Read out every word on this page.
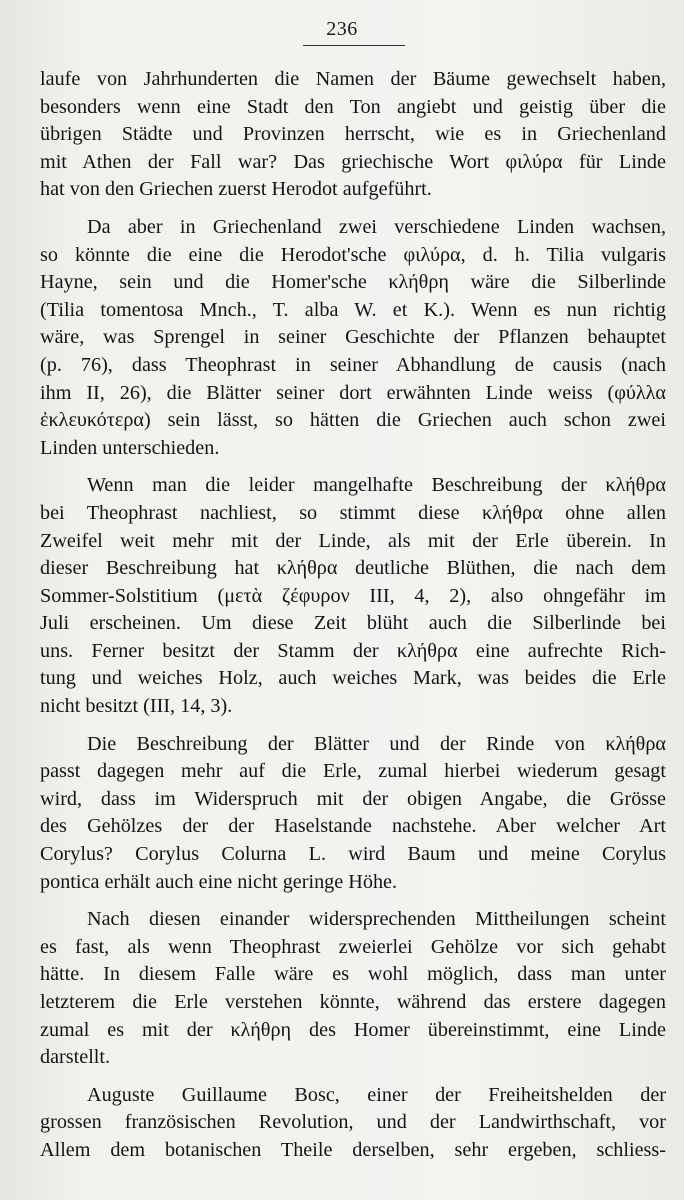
236
laufe von Jahrhunderten die Namen der Bäume gewechselt haben,
besonders wenn eine Stadt den Ton angiebt und geistig über die
übrigen Städte und Provinzen herrscht, wie es in Griechenland
mit Athen der Fall war? Das griechische Wort φιλύρα für Linde
hat von den Griechen zuerst Herodot aufgeführt.
Da aber in Griechenland zwei verschiedene Linden wachsen,
so könnte die eine die Herodot'sche φιλύρα, d. h. Tilia vulgaris
Hayne, sein und die Homer'sche κλήθρη wäre die Silberlinde
(Tilia tomentosa Mnch., T. alba W. et K.). Wenn es nun richtig
wäre, was Sprengel in seiner Geschichte der Pflanzen behauptet
(p. 76), dass Theophrast in seiner Abhandlung de causis (nach
ihm II, 26), die Blätter seiner dort erwähnten Linde weiss (φύλλα
ἐκλευκότερα) sein lässt, so hätten die Griechen auch schon zwei
Linden unterschieden.
Wenn man die leider mangelhafte Beschreibung der κλήθρα
bei Theophrast nachliest, so stimmt diese κλήθρα ohne allen
Zweifel weit mehr mit der Linde, als mit der Erle überein. In
dieser Beschreibung hat κλήθρα deutliche Blüthen, die nach dem
Sommer-Solstitium (μετὰ ζέφυρον III, 4, 2), also ohngefähr im
Juli erscheinen. Um diese Zeit blüht auch die Silberlinde bei
uns. Ferner besitzt der Stamm der κλήθρα eine aufrechte Rich-
tung und weiches Holz, auch weiches Mark, was beides die Erle
nicht besitzt (III, 14, 3).
Die Beschreibung der Blätter und der Rinde von κλήθρα
passt dagegen mehr auf die Erle, zumal hierbei wiederum gesagt
wird, dass im Widerspruch mit der obigen Angabe, die Grösse
des Gehölzes der der Haselstande nachstehe. Aber welcher Art
Corylus? Corylus Colurna L. wird Baum und meine Corylus
pontica erhält auch eine nicht geringe Höhe.
Nach diesen einander widersprechenden Mittheilungen scheint
es fast, als wenn Theophrast zweierlei Gehölze vor sich gehabt
hätte. In diesem Falle wäre es wohl möglich, dass man unter
letzterem die Erle verstehen könnte, während das erstere dagegen
zumal es mit der κλήθρη des Homer übereinstimmt, eine Linde
darstellt.
Auguste Guillaume Bosc, einer der Freiheitshelden der
grossen französischen Revolution, und der Landwirthschaft, vor
Allem dem botanischen Theile derselben, sehr ergeben, schliess-
